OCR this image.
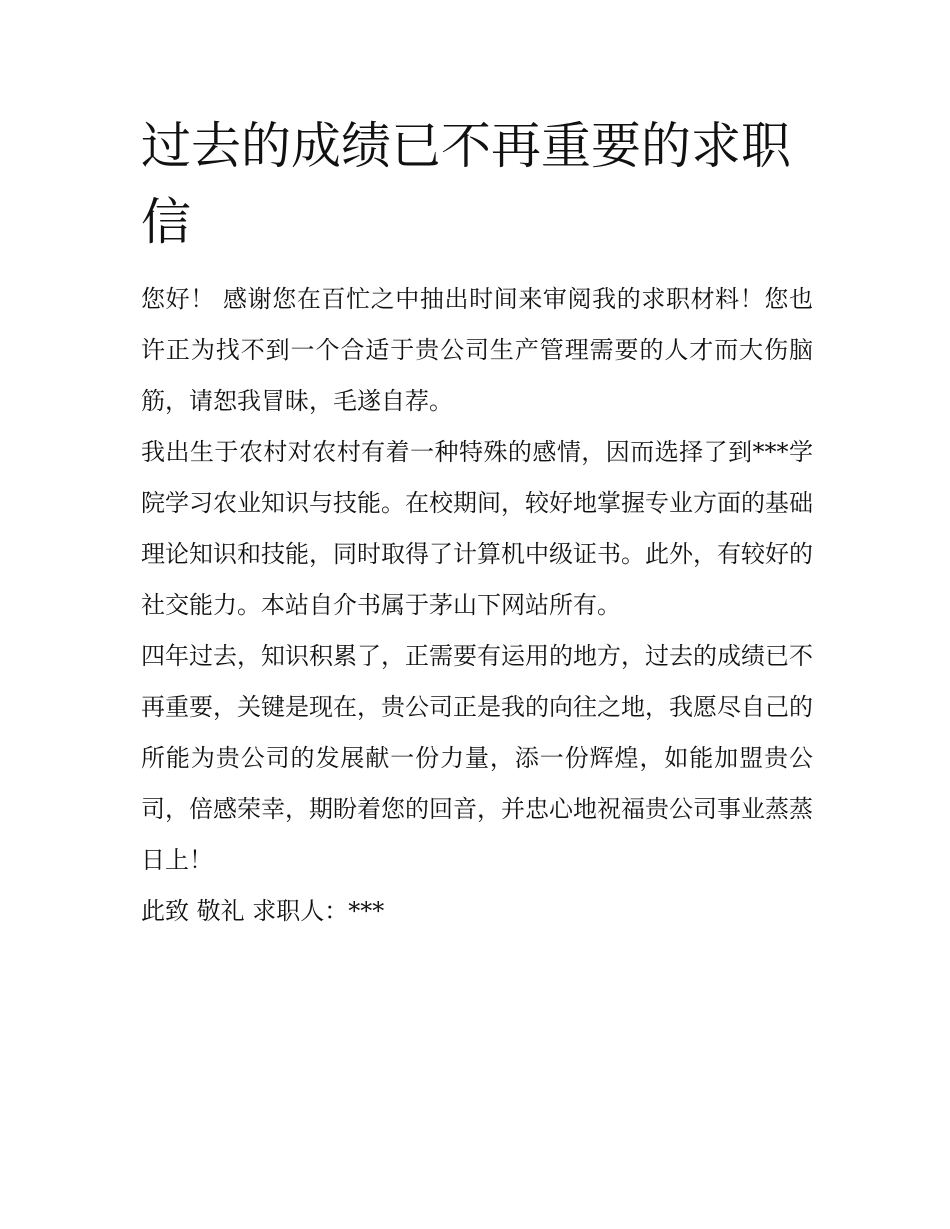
过去的成绩已不再重要的求职信

您好！ 感谢您在百忙之中抽出时间来审阅我的求职材料！您也许正为找不到一个合适于贵公司生产管理需要的人才而大伤脑筋，请恕我冒昧，毛遂自荐。

我出生于农村对农村有着一种特殊的感情，因而选择了到***学院学习农业知识与技能。在校期间，较好地掌握专业方面的基础理论知识和技能，同时取得了计算机中级证书。此外，有较好的社交能力。本站自介书属于茅山下网站所有。

四年过去，知识积累了，正需要有运用的地方，过去的成绩已不再重要，关键是现在，贵公司正是我的向往之地，我愿尽自己的所能为贵公司的发展献一份力量，添一份辉煌，如能加盟贵公司，倍感荣幸，期盼着您的回音，并忠心地祝福贵公司事业蒸蒸日上！

此致 敬礼 求职人：***
